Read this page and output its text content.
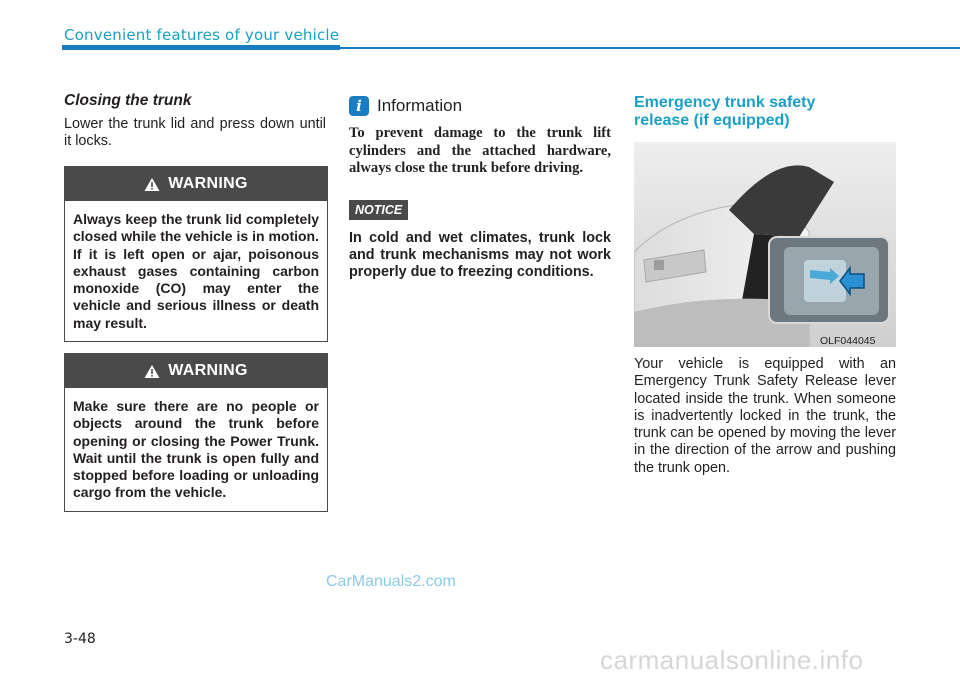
Convenient features of your vehicle

Closing the trunk

Lower the trunk lid and press down until it locks.

WARNING
Always keep the trunk lid completely closed while the vehicle is in motion. If it is left open or ajar, poisonous exhaust gases containing carbon monoxide (CO) may enter the vehicle and serious illness or death may result.
WARNING
Make sure there are no people or objects around the trunk before opening or closing the Power Trunk. Wait until the trunk is open fully and stopped before loading or unloading cargo from the vehicle.
i Information

To prevent damage to the trunk lift cylinders and the attached hardware, always close the trunk before driving.

NOTICE

In cold and wet climates, trunk lock and trunk mechanisms may not work properly due to freezing conditions.

Emergency trunk safety

release (if equipped)

OLF044045

Your vehicle is equipped with an Emergency Trunk Safety Release lever located inside the trunk. When someone is inadvertently locked in the trunk, the trunk can be opened by moving the lever in the direction of the arrow and pushing the trunk open.

3-48
CarManuals2.com
carmanualsonline.info
